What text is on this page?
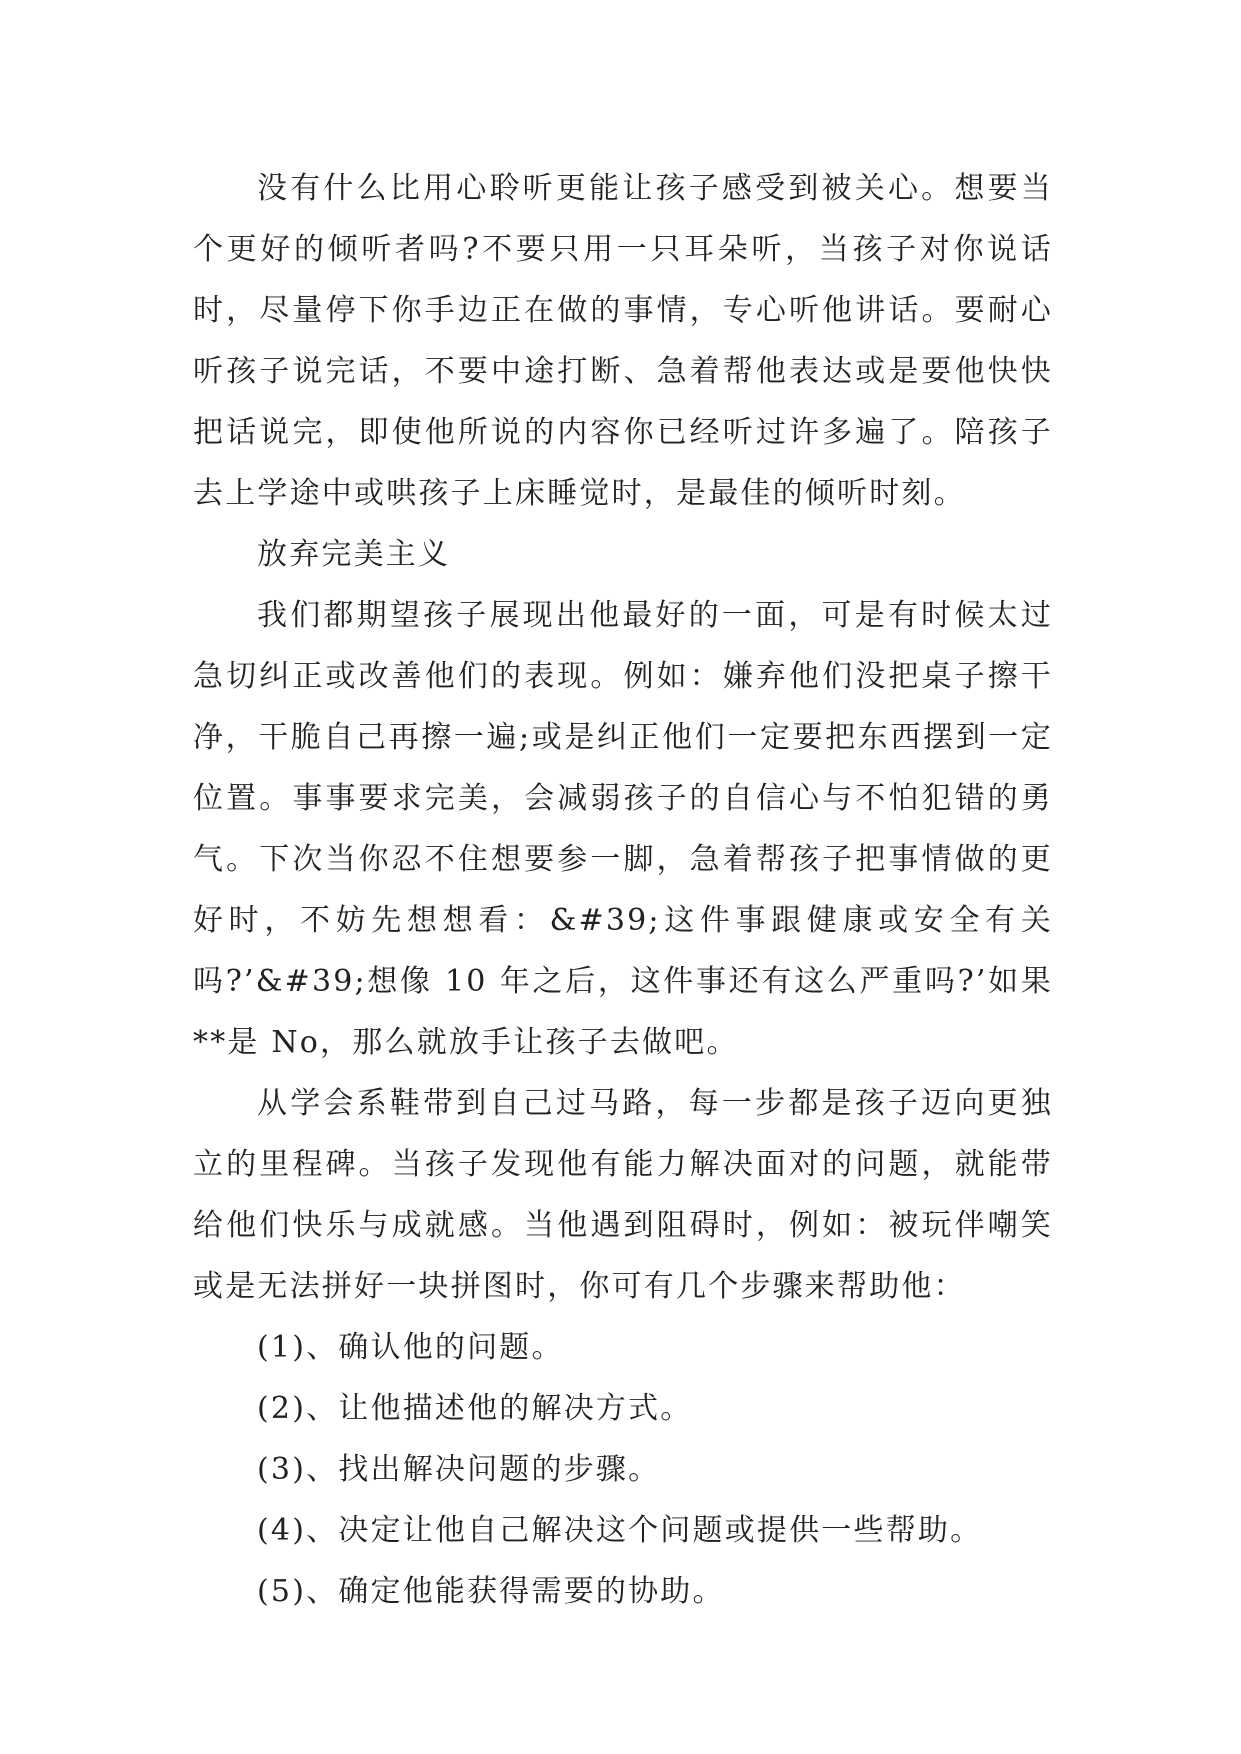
没有什么比用心聆听更能让孩子感受到被关心。想要当个更好的倾听者吗?不要只用一只耳朵听，当孩子对你说话时，尽量停下你手边正在做的事情，专心听他讲话。要耐心听孩子说完话，不要中途打断、急着帮他表达或是要他快快把话说完，即使他所说的内容你已经听过许多遍了。陪孩子去上学途中或哄孩子上床睡觉时，是最佳的倾听时刻。

放弃完美主义

我们都期望孩子展现出他最好的一面，可是有时候太过急切纠正或改善他们的表现。例如：嫌弃他们没把桌子擦干净，干脆自己再擦一遍;或是纠正他们一定要把东西摆到一定位置。事事要求完美，会减弱孩子的自信心与不怕犯错的勇气。下次当你忍不住想要参一脚，急着帮孩子把事情做的更好时，不妨先想想看：&#39;这件事跟健康或安全有关吗?’&#39;想像 10 年之后，这件事还有这么严重吗?’如果**是 No，那么就放手让孩子去做吧。

从学会系鞋带到自己过马路，每一步都是孩子迈向更独立的里程碑。当孩子发现他有能力解决面对的问题，就能带给他们快乐与成就感。当他遇到阻碍时，例如：被玩伴嘲笑或是无法拼好一块拼图时，你可有几个步骤来帮助他：

(1)、确认他的问题。

(2)、让他描述他的解决方式。

(3)、找出解决问题的步骤。

(4)、决定让他自己解决这个问题或提供一些帮助。

(5)、确定他能获得需要的协助。
